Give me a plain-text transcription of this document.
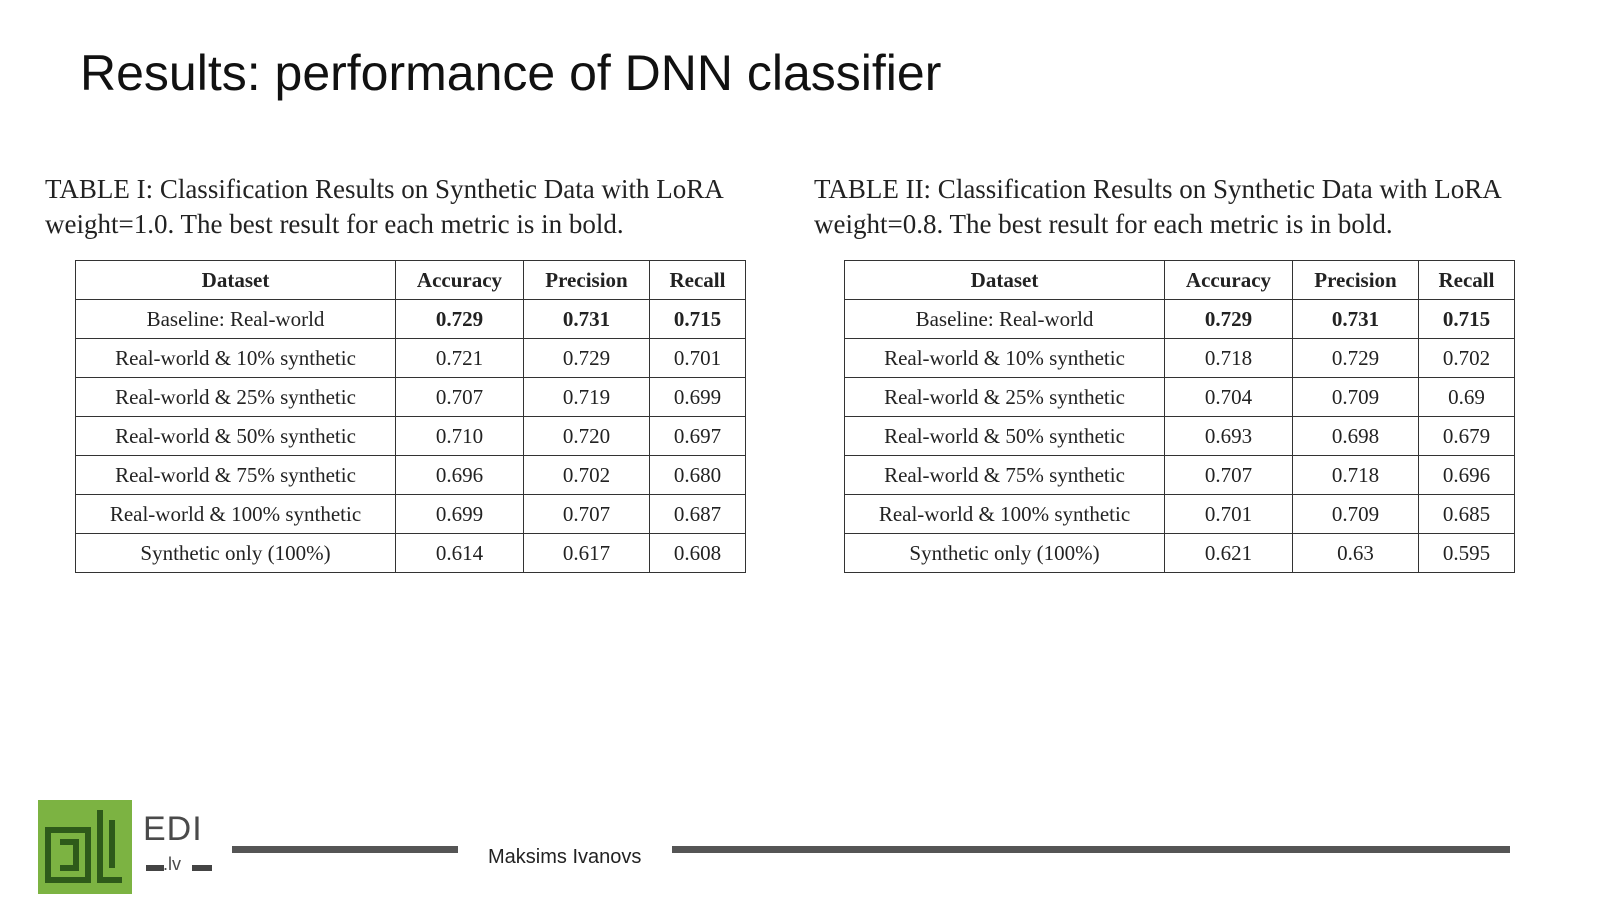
Results: performance of DNN classifier
TABLE I: Classification Results on Synthetic Data with LoRA weight=1.0. The best result for each metric is in bold.
Dataset	Accuracy	Precision	Recall
Baseline: Real-world	0.729	0.731	0.715
Real-world & 10% synthetic	0.721	0.729	0.701
Real-world & 25% synthetic	0.707	0.719	0.699
Real-world & 50% synthetic	0.710	0.720	0.697
Real-world & 75% synthetic	0.696	0.702	0.680
Real-world & 100% synthetic	0.699	0.707	0.687
Synthetic only (100%)	0.614	0.617	0.608
TABLE II: Classification Results on Synthetic Data with LoRA weight=0.8. The best result for each metric is in bold.
Dataset	Accuracy	Precision	Recall
Baseline: Real-world	0.729	0.731	0.715
Real-world & 10% synthetic	0.718	0.729	0.702
Real-world & 25% synthetic	0.704	0.709	0.69
Real-world & 50% synthetic	0.693	0.698	0.679
Real-world & 75% synthetic	0.707	0.718	0.696
Real-world & 100% synthetic	0.701	0.709	0.685
Synthetic only (100%)	0.621	0.63	0.595
EDI
.lv	Maksims Ivanovs
